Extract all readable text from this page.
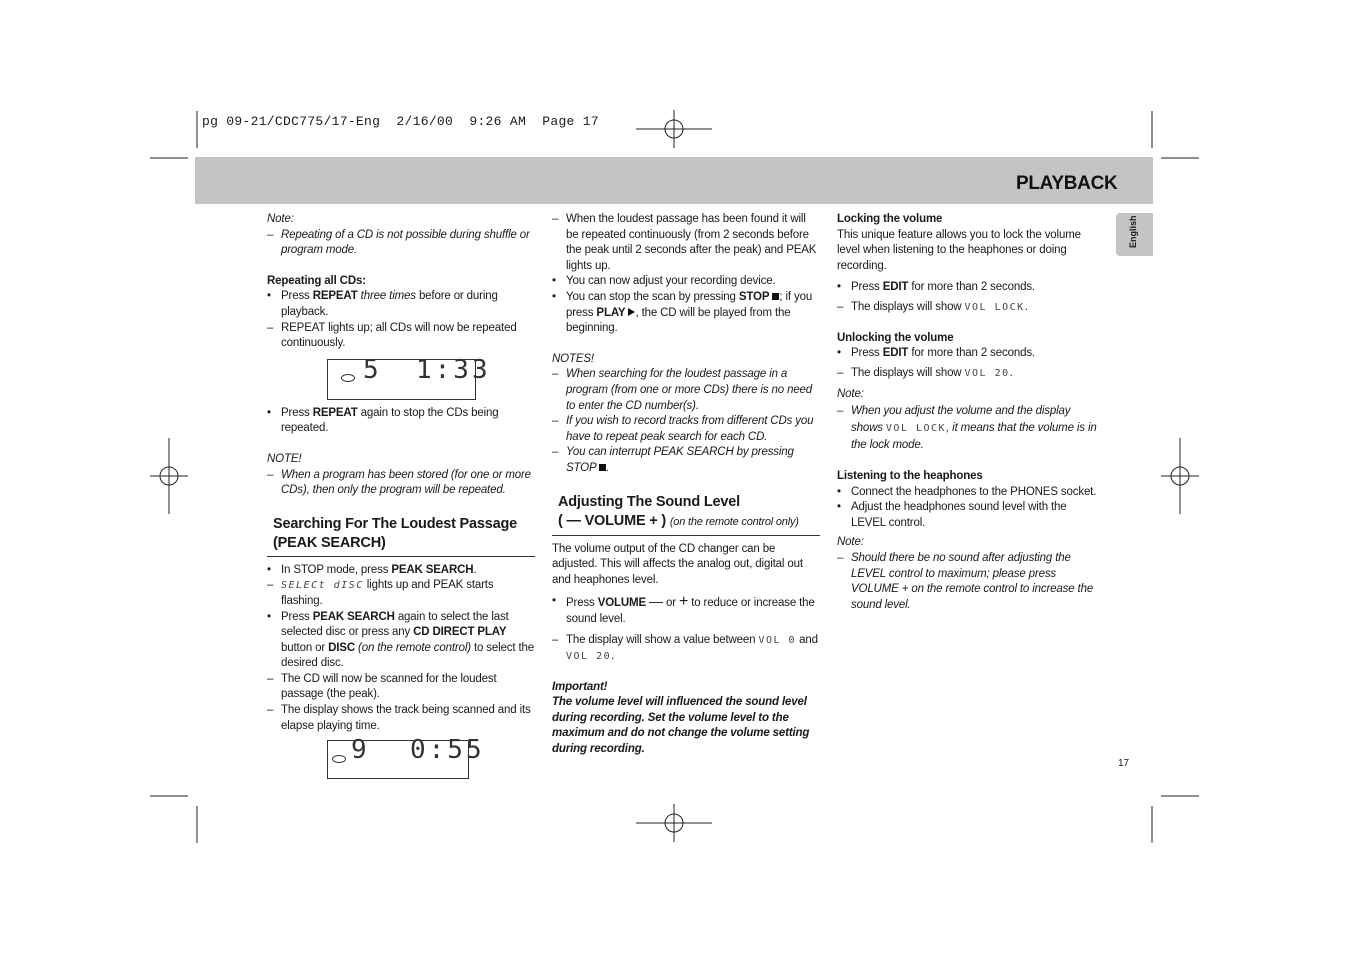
pg 09-21/CDC775/17-Eng  2/16/00  9:26 AM  Page 17
PLAYBACK
English

Note:

– Repeating of a CD is not possible during shuffle or program mode.

Repeating all CDs:

• Press REPEAT three times before or during playback.
– REPEAT lights up; all CDs will now be repeated continuously.
5 1:33
• Press REPEAT again to stop the CDs being repeated.

NOTE!

– When a program has been stored (for one or more CDs), then only the program will be repeated.
Searching For The Loudest Passage (PEAK SEARCH)
• In STOP mode, press PEAK SEARCH.
– SELECt dISC lights up and PEAK starts flashing.
• Press PEAK SEARCH again to select the last selected disc or press any CD DIRECT PLAY button or DISC (on the remote control) to select the desired disc.
– The CD will now be scanned for the loudest passage (the peak).
– The display shows the track being scanned and its elapse playing time.
9 0:55
– When the loudest passage has been found it will be repeated continuously (from 2 seconds before the peak until 2 seconds after the peak) and PEAK lights up.
• You can now adjust your recording device.
• You can stop the scan by pressing STOP ; if you press PLAY , the CD will be played from the beginning.

NOTES!

– When searching for the loudest passage in a program (from one or more CDs) there is no need to enter the CD number(s).
– If you wish to record tracks from different CDs you have to repeat peak search for each CD.
– You can interrupt PEAK SEARCH by pressing STOP .
Adjusting The Sound Level
( — VOLUME + ) (on the remote control only)

The volume output of the CD changer can be adjusted. This will affects the analog out, digital out and heaphones level.

• Press VOLUME — or + to reduce or increase the sound level.
– The display will show a value between VOL 0 and VOL 20.

Important!

The volume level will influenced the sound level during recording. Set the volume level to the maximum and do not change the volume setting during recording.

Locking the volume

This unique feature allows you to lock the volume level when listening to the heaphones or doing recording.

• Press EDIT for more than 2 seconds.
– The displays will show VOL LOCK.

Unlocking the volume

• Press EDIT for more than 2 seconds.
– The displays will show VOL 20.

Note:

– When you adjust the volume and the display shows VOL LOCK, it means that the volume is in the lock mode.

Listening to the heaphones

• Connect the headphones to the PHONES socket.
• Adjust the headphones sound level with the LEVEL control.

Note:

– Should there be no sound after adjusting the LEVEL control to maximum; please press VOLUME + on the remote control to increase the sound level.
17
